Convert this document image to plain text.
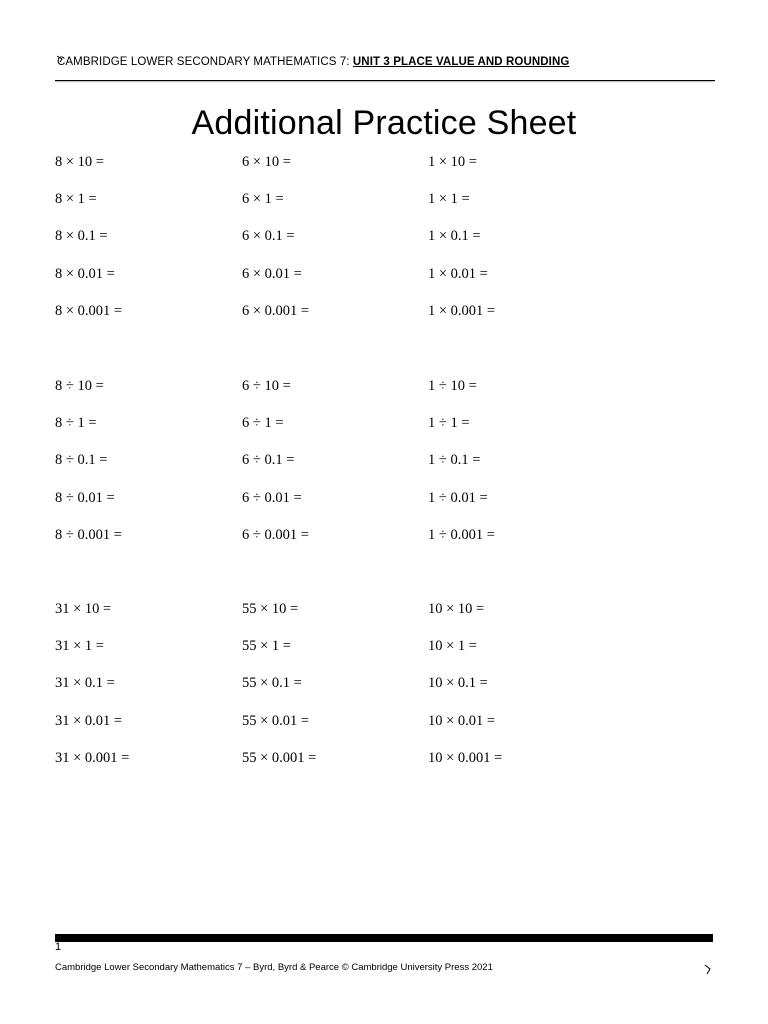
CAMBRIDGE LOWER SECONDARY MATHEMATICS 7: UNIT 3 PLACE VALUE AND ROUNDING
Additional Practice Sheet
8 × 10 =
8 × 1 =
8 × 0.1 =
8 × 0.01 =
8 × 0.001 =
6 × 10 =
6 × 1 =
6 × 0.1 =
6 × 0.01 =
6 × 0.001 =
1 × 10 =
1 × 1 =
1 × 0.1 =
1 × 0.01 =
1 × 0.001 =
8 ÷ 10 =
8 ÷ 1 =
8 ÷ 0.1 =
8 ÷ 0.01 =
8 ÷ 0.001 =
6 ÷ 10 =
6 ÷ 1 =
6 ÷ 0.1 =
6 ÷ 0.01 =
6 ÷ 0.001 =
1 ÷ 10 =
1 ÷ 1 =
1 ÷ 0.1 =
1 ÷ 0.01 =
1 ÷ 0.001 =
31 × 10 =
31 × 1 =
31 × 0.1 =
31 × 0.01 =
31 × 0.001 =
55 × 10 =
55 × 1 =
55 × 0.1 =
55 × 0.01 =
55 × 0.001 =
10 × 10 =
10 × 1 =
10 × 0.1 =
10 × 0.01 =
10 × 0.001 =
1
Cambridge Lower Secondary Mathematics 7 – Byrd, Byrd & Pearce © Cambridge University Press 2021
